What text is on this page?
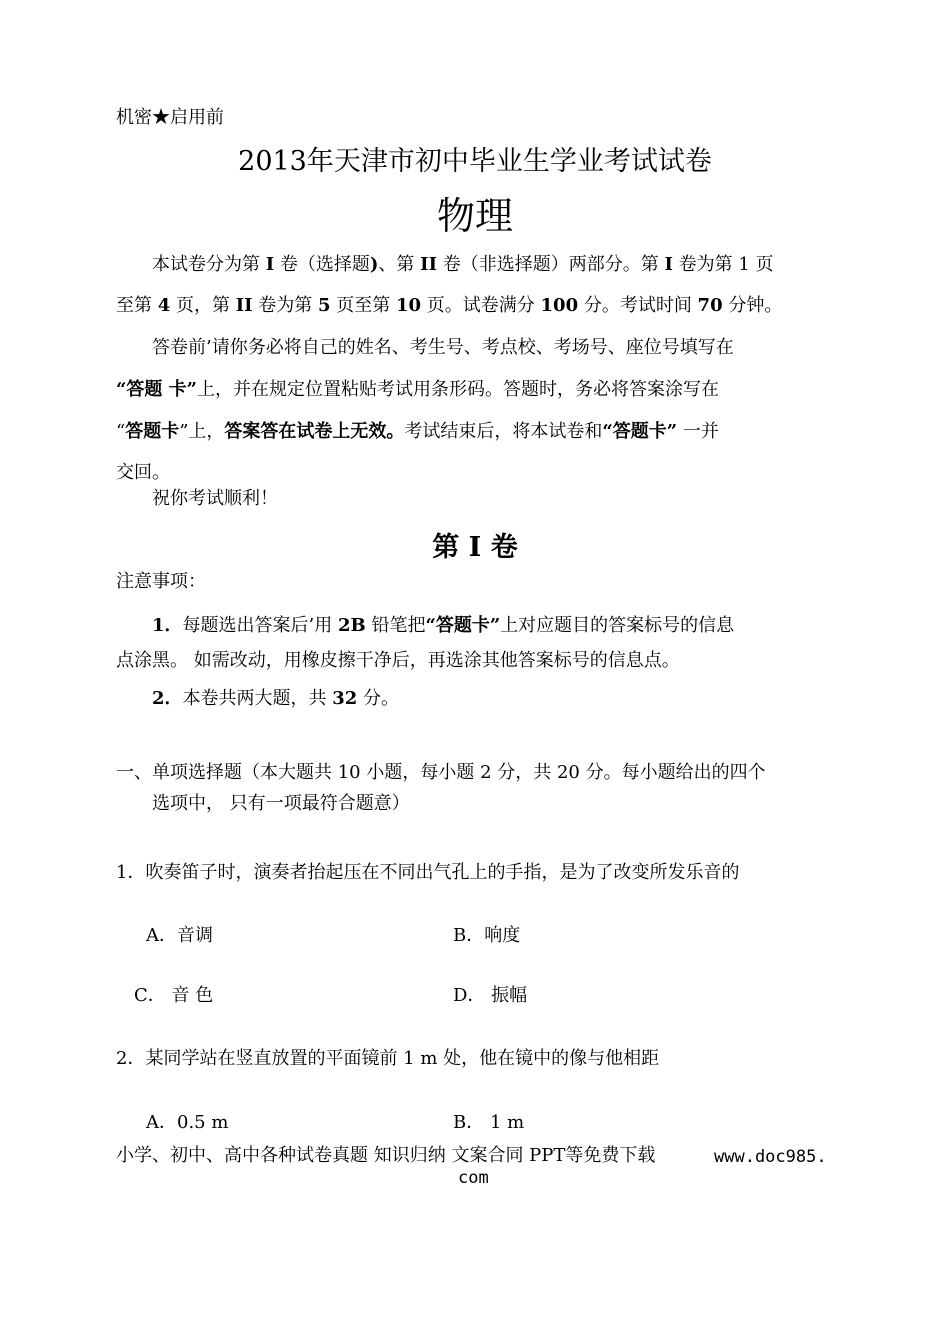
机密★启用前
2013年天津市初中毕业生学业考试试卷
物理
本试卷分为第 I 卷（选择题)、第 II 卷（非选择题）两部分。第 I 卷为第 1 页
至第 4 页，第 II 卷为第 5 页至第 10 页。试卷满分 100 分。考试时间 70 分钟。
答卷前’请你务必将自己的姓名、考生号、考点校、考场号、座位号填写在
“答题 卡”上，并在规定位置粘贴考试用条形码。答题时，务必将答案涂写在
“答题卡”上，答案答在试卷上无效。考试结束后，将本试卷和“答题卡” 一并
交回。
祝你考试顺利！
第 I 卷
注意事项：
1．每题选出答案后’用 2B 铅笔把“答题卡”上对应题目的答案标号的信息
点涂黑。 如需改动，用橡皮擦干净后，再选涂其他答案标号的信息点。
2．本卷共两大题，共 32 分。
一、单项选择题（本大题共 10 小题，每小题 2 分，共 20 分。每小题给出的四个
选项中， 只有一项最符合题意）
1．吹奏笛子时，演奏者抬起压在不同出气孔上的手指，是为了改变所发乐音的
A．音调	B．响度
C． 音 色	D． 振幅
2．某同学站在竖直放置的平面镜前 1 m 处，他在镜中的像与他相距
A．0.5 m	B． 1 m
小学、初中、高中各种试卷真题 知识归纳 文案合同 PPT等免费下载	www.doc985.
com
